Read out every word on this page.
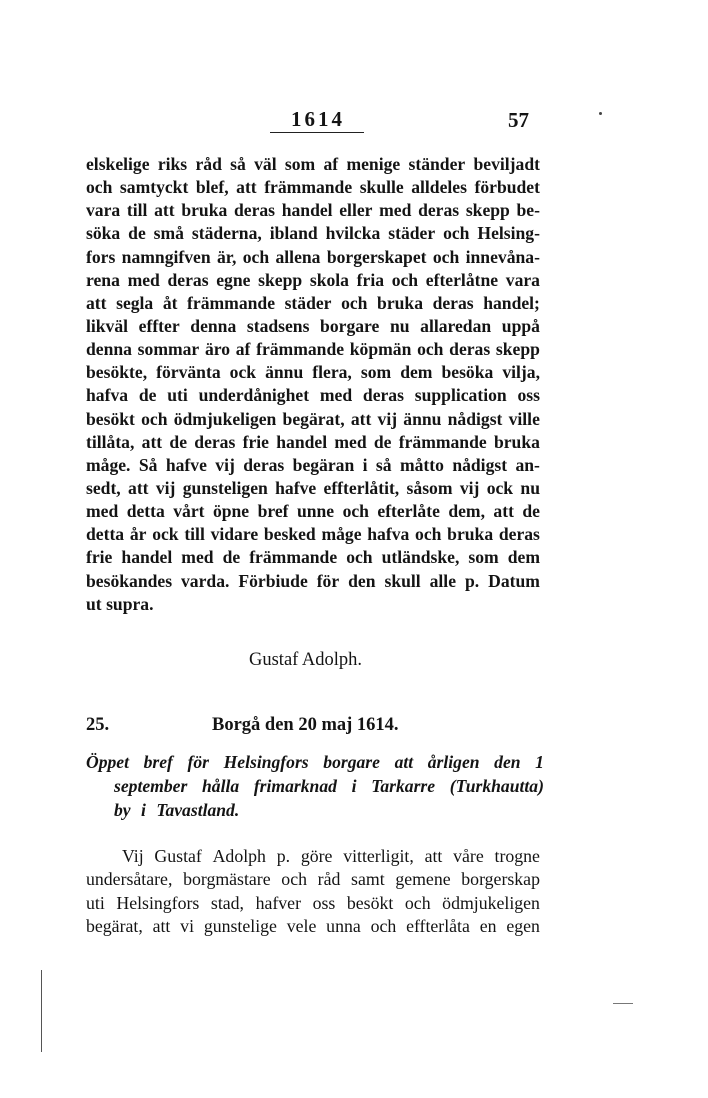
1614	57
elskelige riks råd så väl som af menige ständer beviljadt
och samtyckt blef, att främmande skulle alldeles förbudet
vara till att bruka deras handel eller med deras skepp be-
söka de små städerna, ibland hvilcka städer och Helsing-
fors namngifven är, och allena borgerskapet och innevåna-
rena med deras egne skepp skola fria och efterlåtne vara
att segla åt främmande städer och bruka deras handel;
likväl effter denna stadsens borgare nu allaredan uppå
denna sommar äro af främmande köpmän och deras skepp
besökte, förvänta ock ännu flera, som dem besöka vilja,
hafva de uti underdånighet med deras supplication oss
besökt och ödmjukeligen begärat, att vij ännu nådigst ville
tillåta, att de deras frie handel med de främmande bruka
måge. Så hafve vij deras begäran i så måtto nådigst an-
sedt, att vij gunsteligen hafve effterlåtit, såsom vij ock nu
med detta vårt öpne bref unne och efterlåte dem, att de
detta år ock till vidare besked måge hafva och bruka deras
frie handel med de främmande och utländske, som dem
besökandes varda. Förbiude för den skull alle p. Datum
ut
supra.
Gustaf Adolph.
25.	Borgå den 20 maj 1614.
Öppet bref för Helsingfors borgare att årligen den 1
september hålla frimarknad i Tarkarre (Turkhautta)
by
i
Tavastland.
Vij Gustaf Adolph p. göre vitterligit, att våre trogne
undersåtare, borgmästare och råd samt gemene borgerskap
uti Helsingfors stad, hafver oss besökt och ödmjukeligen
begärat, att vi gunstelige vele unna och effterlåta en egen
